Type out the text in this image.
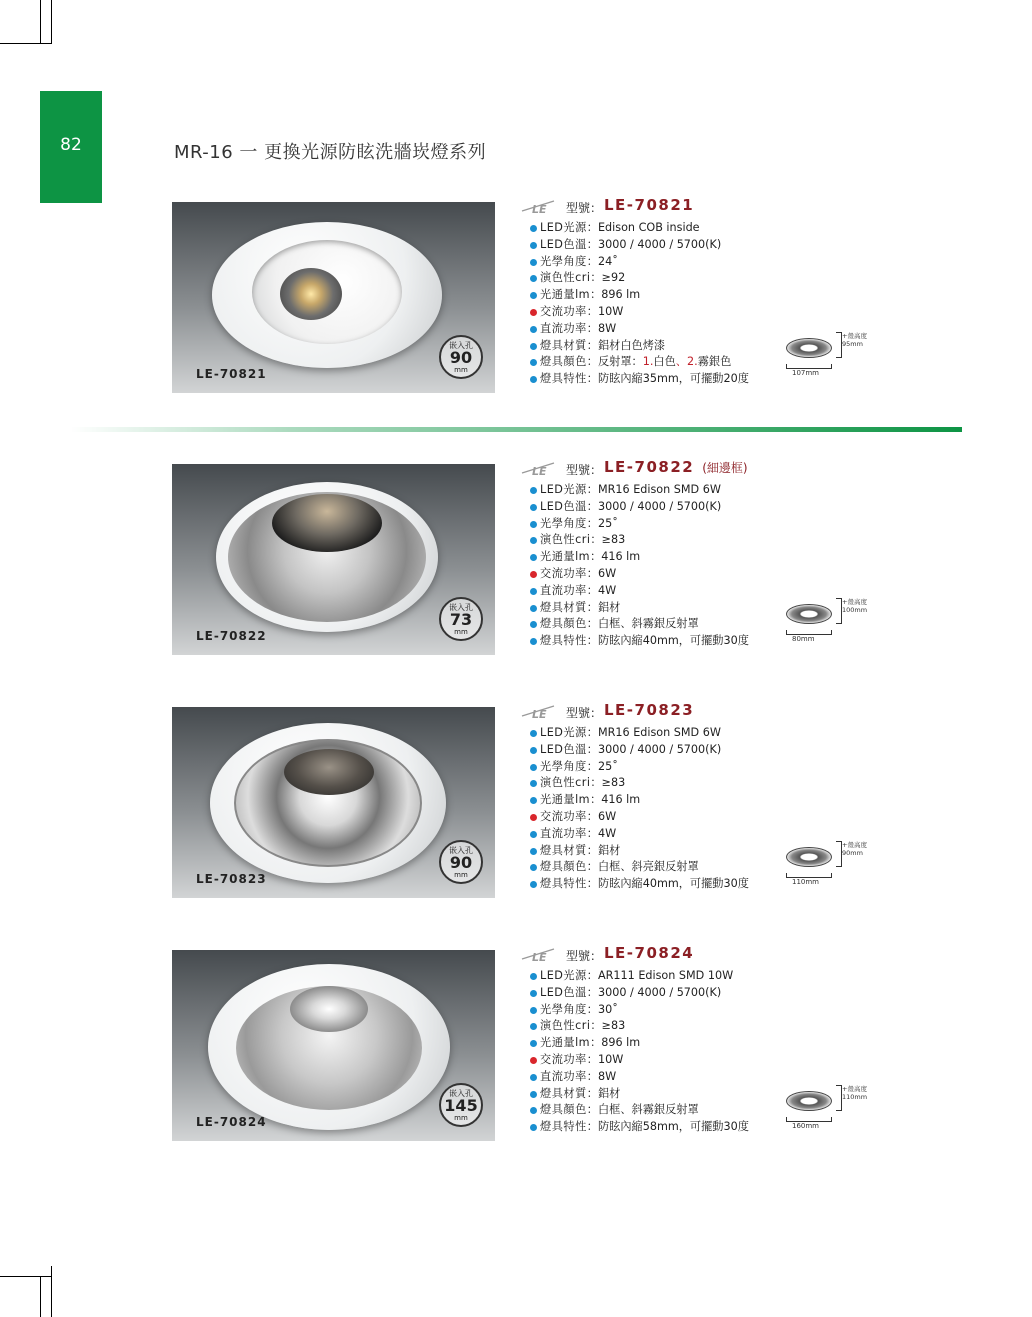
82	MR-16 一 更換光源防眩洗牆崁燈系列
LE-70821
嵌入孔
90
mm
LE 型號： LE-70821
LED光源：Edison COB inside
LED色溫：3000 / 4000 / 5700(K)
光學角度：24˚
演色性cri：≥92
光通量lm：896 lm
交流功率：10W
直流功率：8W
燈具材質：鋁材白色烤漆
燈具顏色：反射罩：1.白色、2.霧銀色
燈具特性：防眩內縮35mm，可擺動20度
+殼高度
95mm
107mm
LE-70822
嵌入孔
73
mm
LE 型號： LE-70822 (細邊框)
LED光源：MR16 Edison SMD 6W
LED色溫：3000 / 4000 / 5700(K)
光學角度：25˚
演色性cri：≥83
光通量lm：416 lm
交流功率：6W
直流功率：4W
燈具材質：鋁材
燈具顏色：白框、斜霧銀反射罩
燈具特性：防眩內縮40mm，可擺動30度
+殼高度
100mm
80mm
LE-70823
嵌入孔
90
mm
LE 型號： LE-70823
LED光源：MR16 Edison SMD 6W
LED色溫：3000 / 4000 / 5700(K)
光學角度：25˚
演色性cri：≥83
光通量lm：416 lm
交流功率：6W
直流功率：4W
燈具材質：鋁材
燈具顏色：白框、斜亮銀反射罩
燈具特性：防眩內縮40mm，可擺動30度
+殼高度
90mm
110mm
LE-70824
嵌入孔
145
mm
LE 型號： LE-70824
LED光源：AR111 Edison SMD 10W
LED色溫：3000 / 4000 / 5700(K)
光學角度：30˚
演色性cri：≥83
光通量lm：896 lm
交流功率：10W
直流功率：8W
燈具材質：鋁材
燈具顏色：白框、斜霧銀反射罩
燈具特性：防眩內縮58mm，可擺動30度
+殼高度
110mm
160mm
